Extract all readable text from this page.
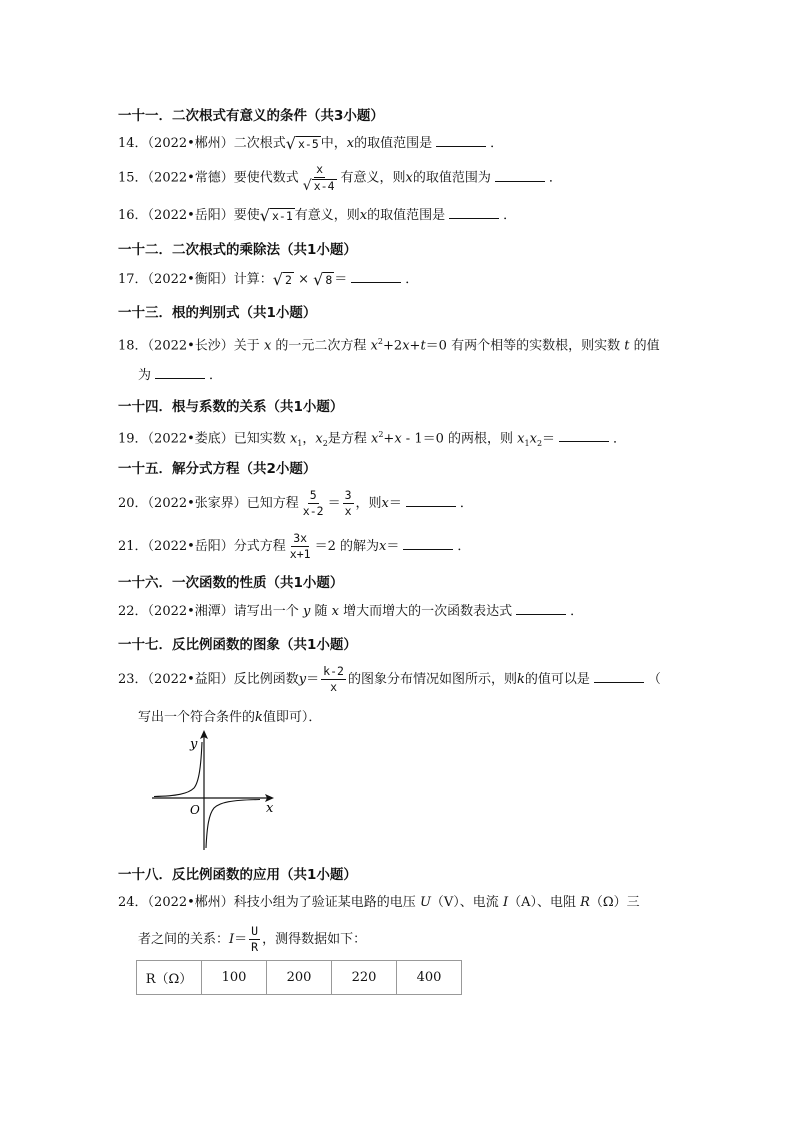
一十一．二次根式有意义的条件（共3小题）
14．（2022•郴州）二次根式 √ x-5 中，x的取值范围是	．
15．（2022•常德）要使代数式 $\frac{x}{√ x-4}$ 有意义，则x的取值范围为	．
16．（2022•岳阳）要使 √ x-1 有意义，则x的取值范围是	．
一十二．二次根式的乘除法（共1小题）
17．（2022•衡阳）计算： √ 2 × √ 8 ＝	．
一十三．根的判别式（共1小题）
18．（2022•长沙）关于 x 的一元二次方程 $x^2+2x+t=0$ 有两个相等的实数根，则实数 t 的值
为	．
一十四．根与系数的关系（共1小题）
19．（2022•娄底）已知实数 $x_1$，$x_2$是方程 $x^2+x - 1=0$ 的两根，则 $x_1x_2=$	．
一十五．解分式方程（共2小题）
20．（2022•张家界）已知方程 $\frac{5}{x-2} = \frac{3}{x}$ ，则x＝	．
21．（2022•岳阳）分式方程 $\frac{3x}{x+1} =2$ 的解为x＝	．
一十六．一次函数的性质（共1小题）
22．（2022•湘潭）请写出一个 y 随 x 增大而增大的一次函数表达式	．
一十七．反比例函数的图象（共1小题）
23．（2022•益阳）反比例函数$y= \frac{k-2}{x}$ 的图象分布情况如图所示，则k的值可以是	（
写出一个符合条件的k值即可）．
y
x
O
一十八．反比例函数的应用（共1小题）
24．（2022•郴州）科技小组为了验证某电路的电压 U（V）、电流 I（A）、电阻 R（Ω）三
者之间的关系：$I= \frac{U}{R}$ ，测得数据如下：
R（Ω）	100	200	220	400
